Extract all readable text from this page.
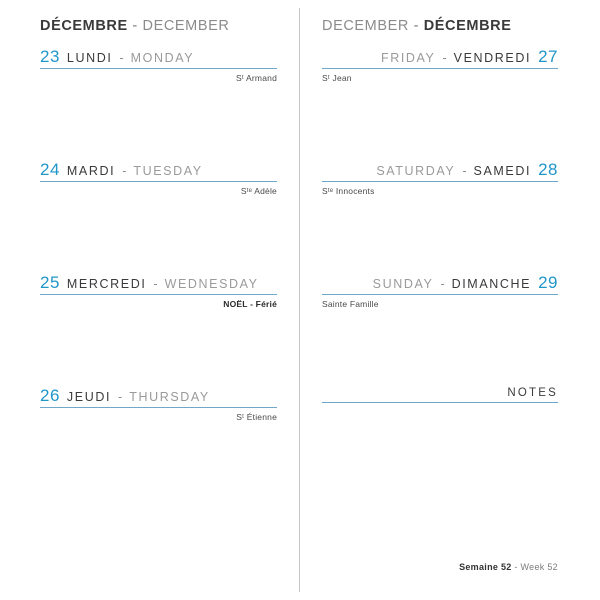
DÉCEMBRE - DECEMBER
23 LUNDI - MONDAY
Sᵗ Armand
24 MARDI - TUESDAY
Sᵗᵉ Adèle
25 MERCREDI - WEDNESDAY
NOËL - Férié
26 JEUDI - THURSDAY
Sᵗ Étienne
DECEMBER - DÉCEMBRE
FRIDAY - VENDREDI 27
Sᵗ Jean
SATURDAY - SAMEDI 28
Sᵗᵉ Innocents
SUNDAY - DIMANCHE 29
Sainte Famille
NOTES
Semaine 52 - Week 52
